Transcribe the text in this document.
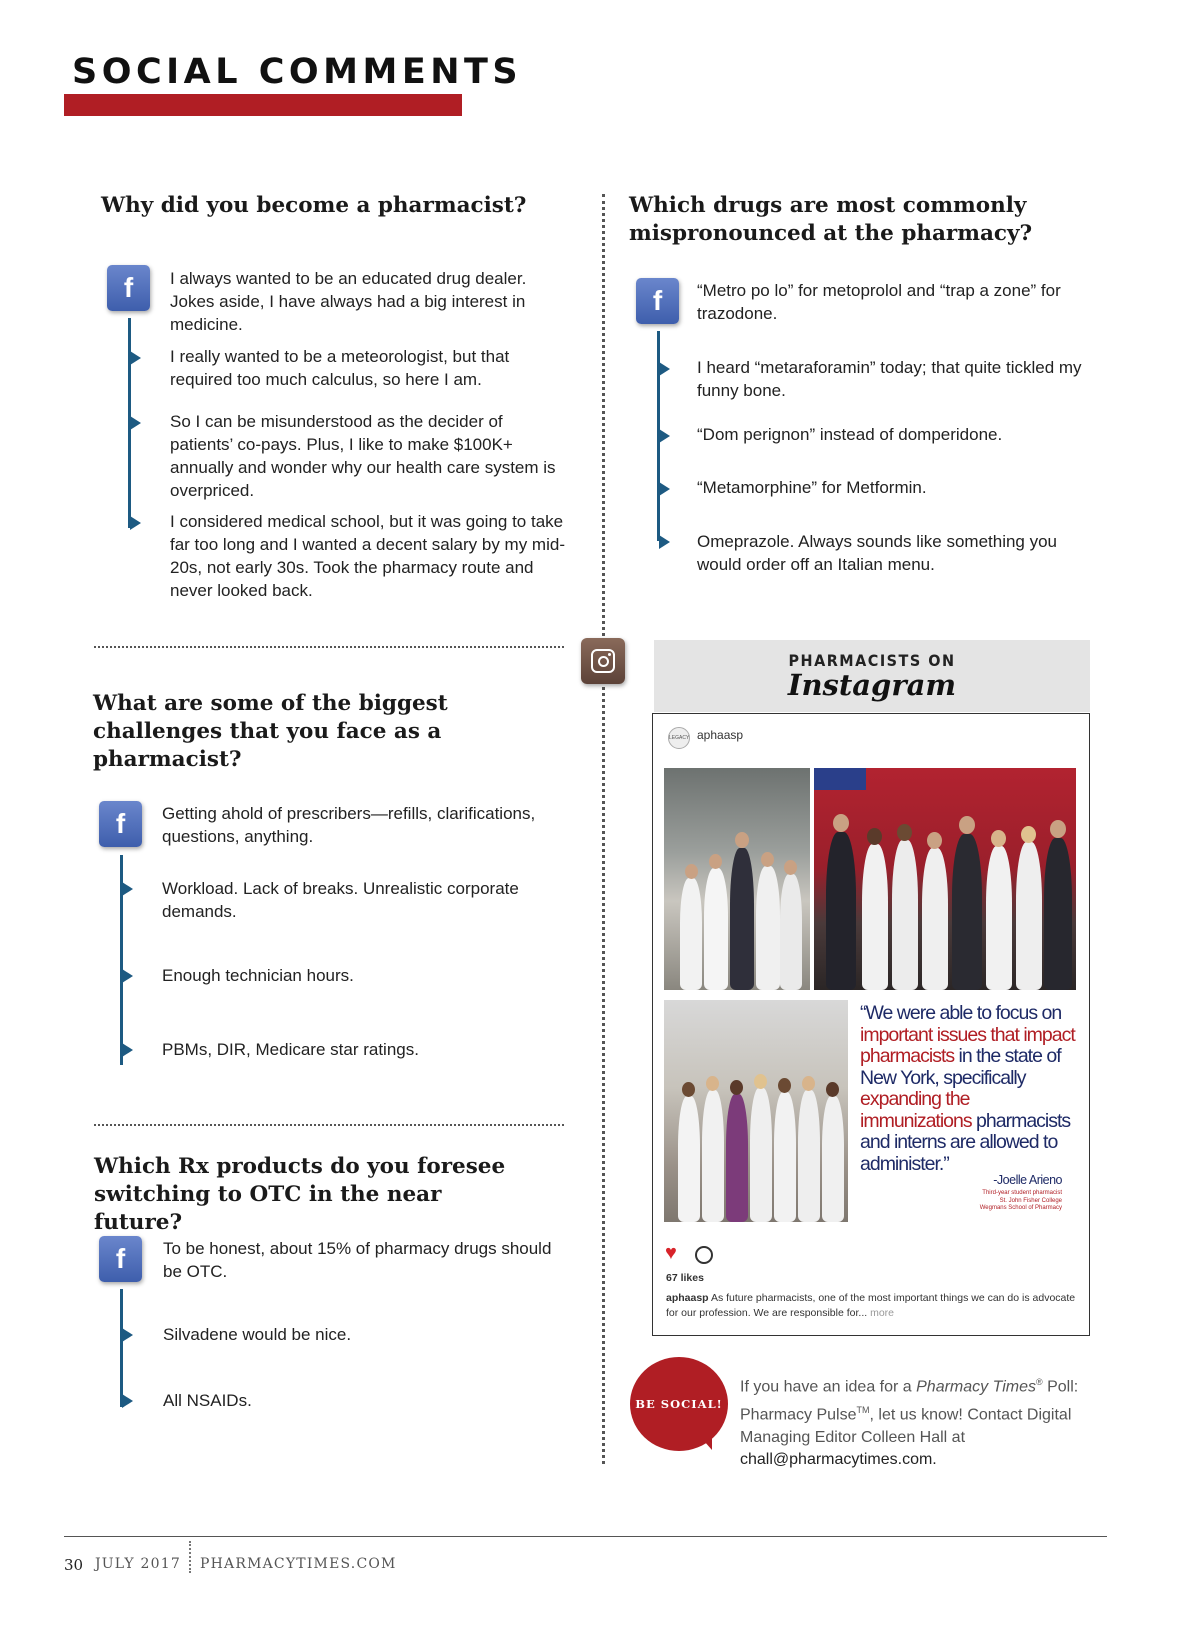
SOCIAL COMMENTS
Why did you become a pharmacist?
f	I always wanted to be an educated drug dealer. Jokes aside, I have always had a big interest in medicine.
I really wanted to be a meteorologist, but that required too much calculus, so here I am.
So I can be misunderstood as the decider of patients’ co-pays. Plus, I like to make $100K+ annually and wonder why our health care system is overpriced.
I considered medical school, but it was going to take far too long and I wanted a decent salary by my mid-20s, not early 30s. Took the pharmacy route and never looked back.
What are some of the biggest challenges that you face as a pharmacist?
f	Getting ahold of prescribers—refills, clarifications, questions, anything.
Workload. Lack of breaks. Unrealistic corporate demands.
Enough technician hours.
PBMs, DIR, Medicare star ratings.
Which Rx products do you foresee switching to OTC in the near future?
f	To be honest, about 15% of pharmacy drugs should be OTC.
Silvadene would be nice.
All NSAIDs.
Which drugs are most commonly mispronounced at the pharmacy?
f	“Metro po lo” for metoprolol and “trap a zone” for trazodone.
I heard “metaraforamin” today; that quite tickled my funny bone.
“Dom perignon” instead of domperidone.
“Metamorphine” for Metformin.
Omeprazole. Always sounds like something you would order off an Italian menu.
PHARMACISTS ON
Instagram
LEGACY aphaasp
“We were able to focus on important issues that impact pharmacists in the state of New York, specifically expanding the immunizations pharmacists and interns are allowed to administer.”
-Joelle Arieno
Third-year student pharmacist
St. John Fisher College
Wegmans School of Pharmacy
♥
67 likes
aphaasp As future pharmacists, one of the most important things we can do is advocate for our profession. We are responsible for... more
BE SOCIAL!
If you have an idea for a Pharmacy Times® Poll: Pharmacy Pulse™, let us know! Contact Digital Managing Editor Colleen Hall at chall@pharmacytimes.com.
30 JULY 2017 PHARMACYTIMES.COM
